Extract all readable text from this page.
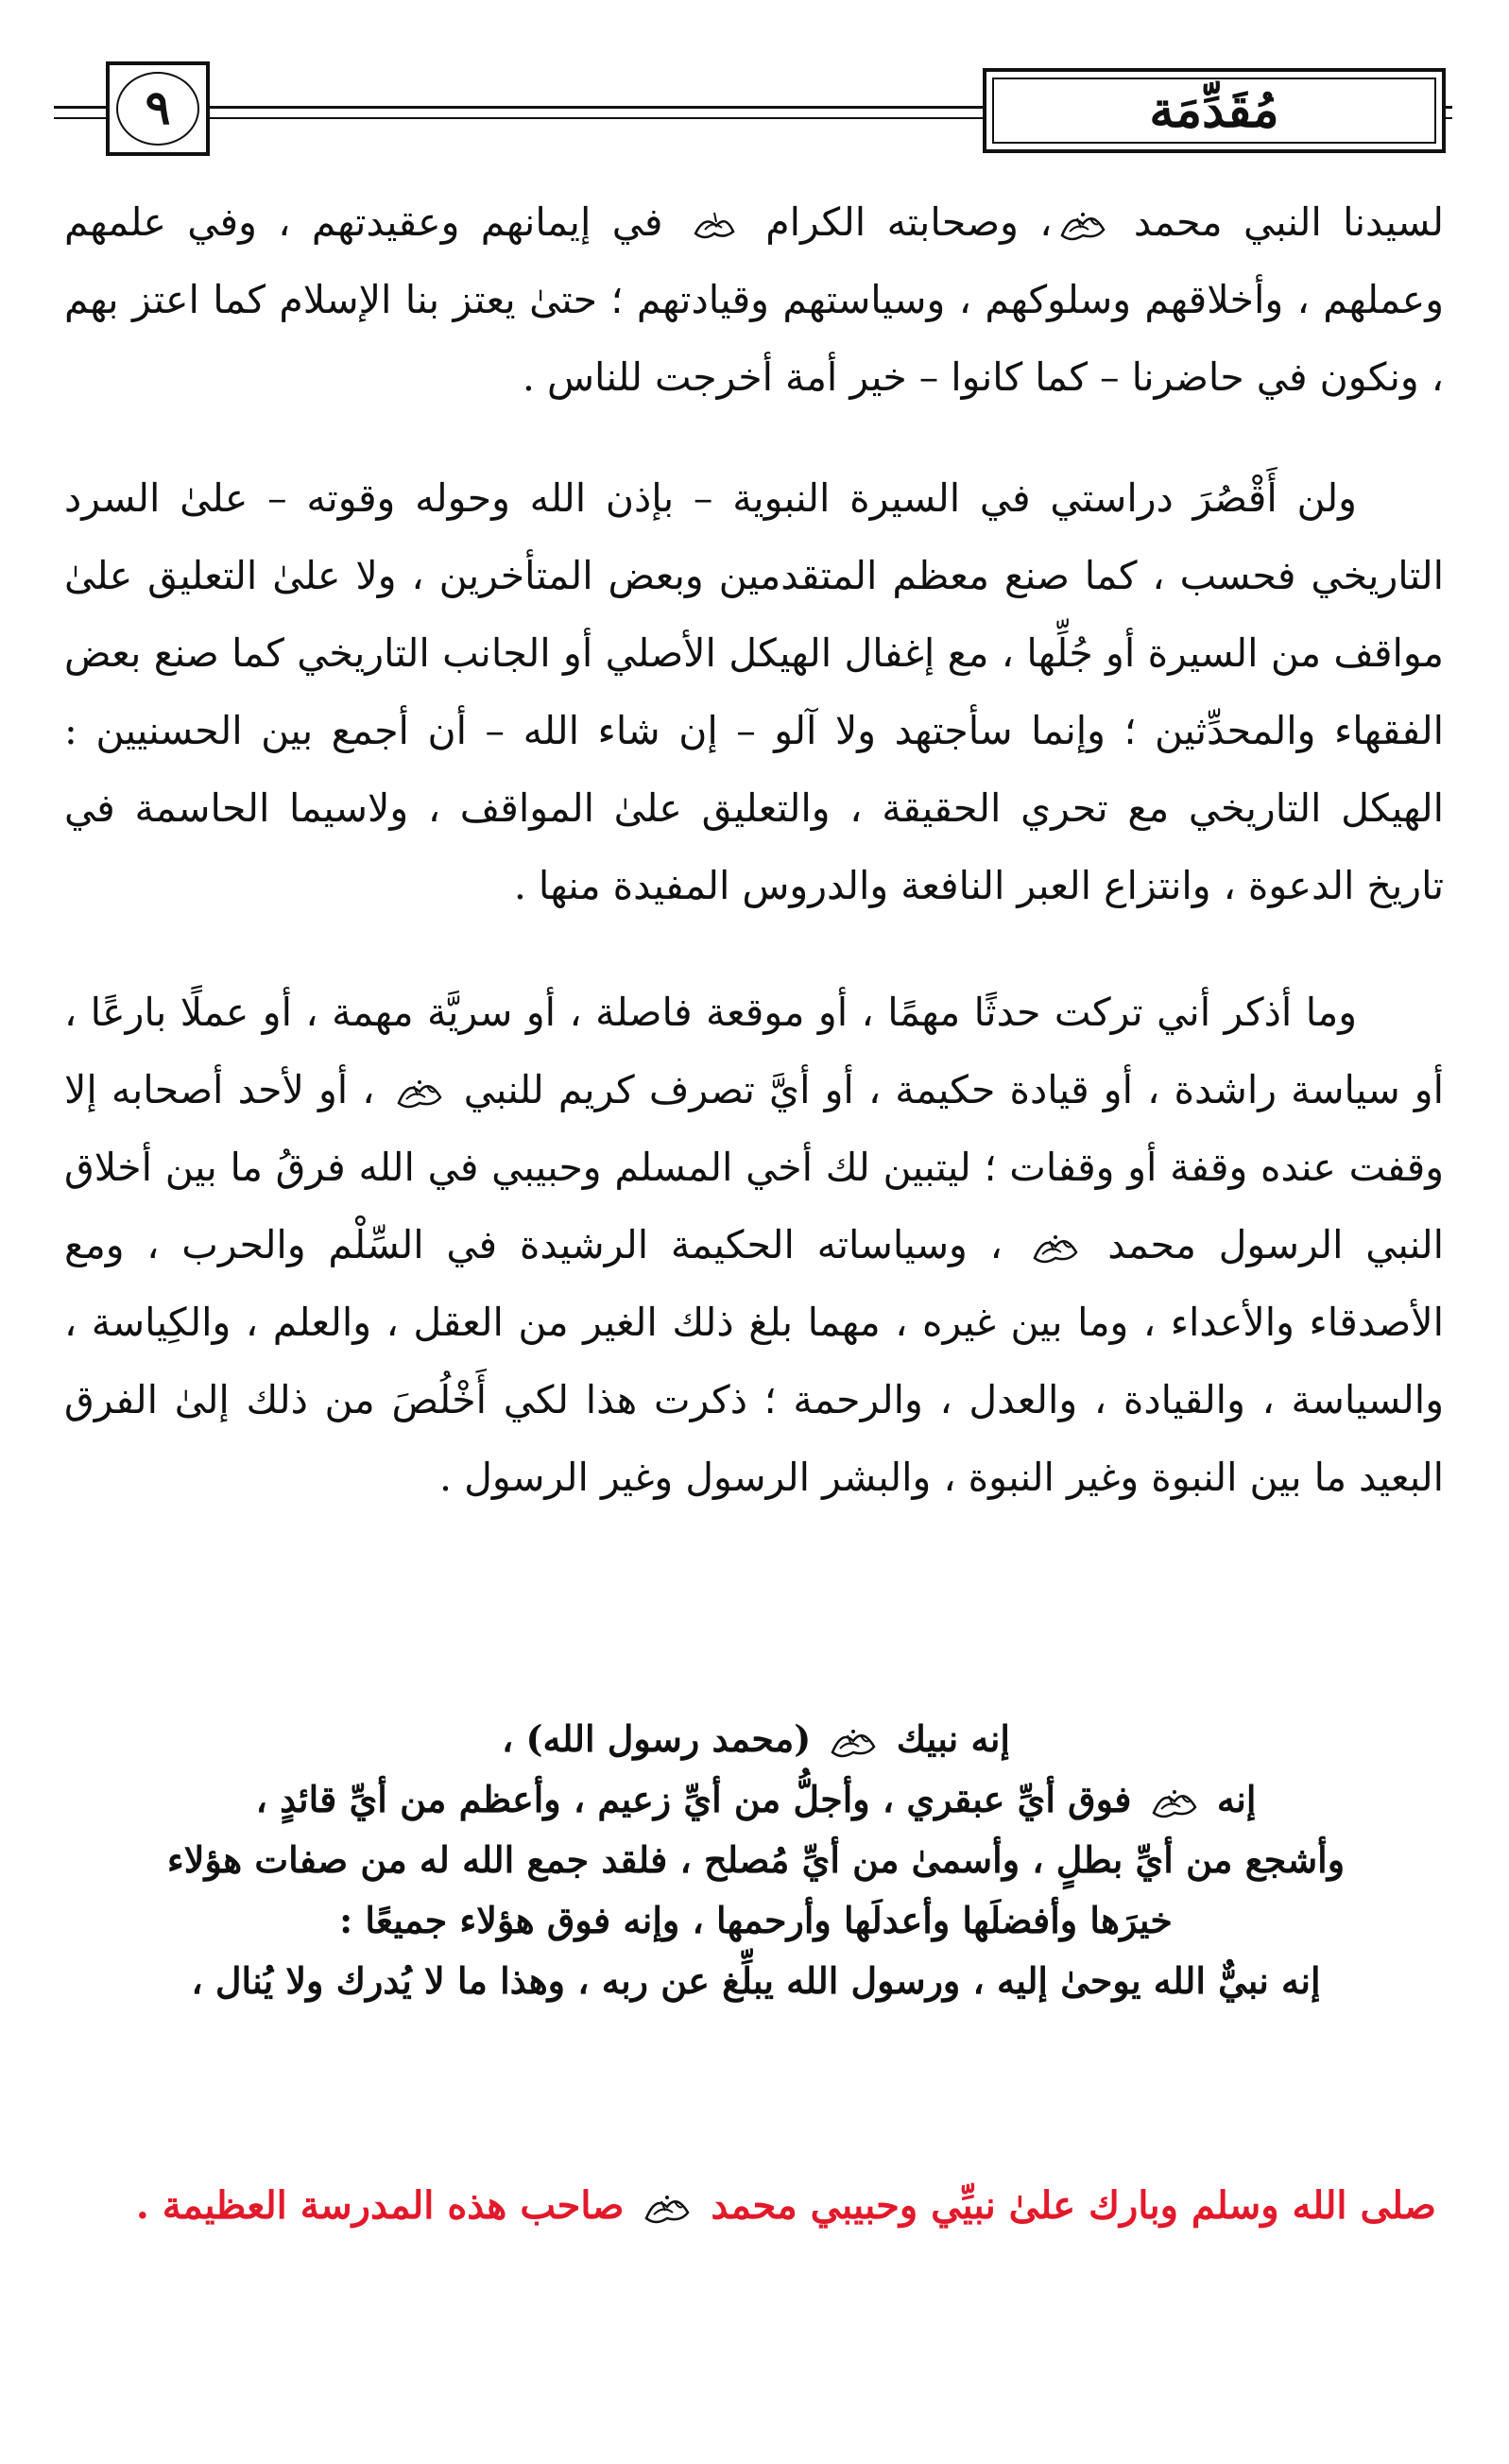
مُقَدِّمَة
٩

لسيدنا النبي محمد
، وصحابته الكرام
في إيمانهم وعقيدتهم ، وفي علمهم وعملهم ، وأخلاقهم وسلوكهم ، وسياستهم وقيادتهم ؛ حتىٰ يعتز بنا الإسلام كما اعتز بهم ، ونكون في حاضرنا – كما كانوا – خير أمة أخرجت للناس .

ولن أَقْصُرَ دراستي في السيرة النبوية – بإذن الله وحوله وقوته – علىٰ السرد التاريخي فحسب ، كما صنع معظم المتقدمين وبعض المتأخرين ، ولا علىٰ التعليق علىٰ مواقف من السيرة أو جُلِّها ، مع إغفال الهيكل الأصلي أو الجانب التاريخي كما صنع بعض الفقهاء والمحدِّثين ؛ وإنما سأجتهد ولا آلو – إن شاء الله – أن أجمع بين الحسنيين : الهيكل التاريخي مع تحري الحقيقة ، والتعليق علىٰ المواقف ، ولاسيما الحاسمة في تاريخ الدعوة ، وانتزاع العبر النافعة والدروس المفيدة منها .

وما أذكر أني تركت حدثًا مهمًا ، أو موقعة فاصلة ، أو سريَّة مهمة ، أو عملًا بارعًا ، أو سياسة راشدة ، أو قيادة حكيمة ، أو أيَّ تصرف كريم للنبي
، أو لأحد أصحابه إلا وقفت عنده وقفة أو وقفات ؛ ليتبين لك أخي المسلم وحبيبي في الله فرقُ ما بين أخلاق النبي الرسول محمد
، وسياساته الحكيمة الرشيدة في السِّلْم والحرب ، ومع الأصدقاء والأعداء ، وما بين غيره ، مهما بلغ ذلك الغير من العقل ، والعلم ، والكِياسة ، والسياسة ، والقيادة ، والعدل ، والرحمة ؛ ذكرت هذا لكي أَخْلُصَ من ذلك إلىٰ الفرق البعيد ما بين النبوة وغير النبوة ، والبشر الرسول وغير الرسول .

إنه نبيك
(محمد رسول الله) ،
إنه
فوق أيِّ عبقري ، وأجلُّ من أيِّ زعيم ، وأعظم من أيِّ قائدٍ ،
وأشجع من أيِّ بطلٍ ، وأسمىٰ من أيِّ مُصلح ، فلقد جمع الله له من صفات هؤلاء
خيرَها وأفضلَها وأعدلَها وأرحمها ، وإنه فوق هؤلاء جميعًا :
إنه نبيٌّ الله يوحىٰ إليه ، ورسول الله يبلِّغ عن ربه ، وهذا ما لا يُدرك ولا يُنال ،
صلى الله وسلم وبارك علىٰ نبيِّي وحبيبي محمد
صاحب هذه المدرسة العظيمة .
